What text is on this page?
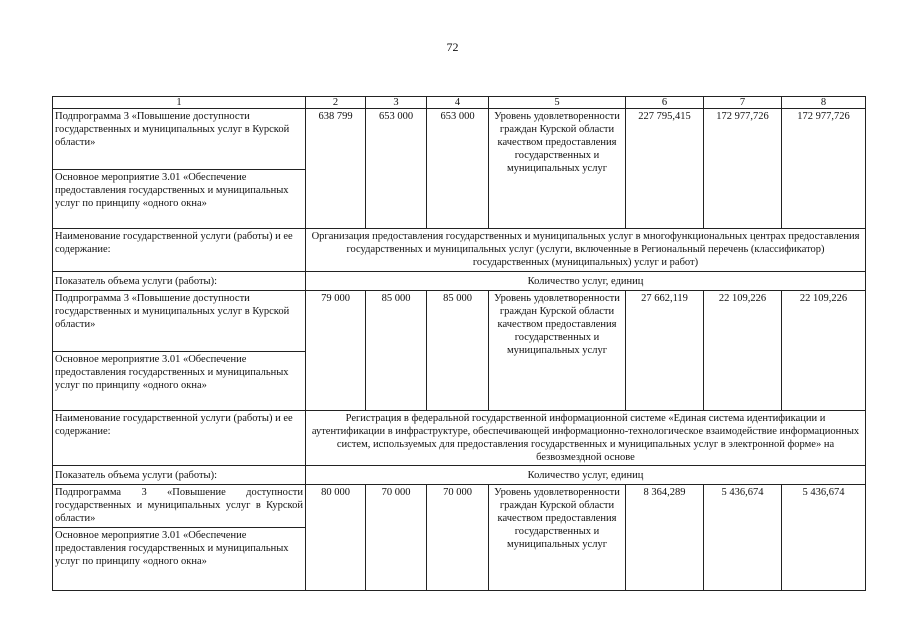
72
1	2	3	4	5	6	7	8
Подпрограмма 3 «Повышение доступности государственных и муниципальных услуг в Курской области»	638 799	653 000	653 000	Уровень удовлетворенности граждан Курской области качеством предоставления государственных и муниципальных услуг	227 795,415	172 977,726	172 977,726
Основное мероприятие 3.01 «Обеспечение предоставления государственных и муниципальных услуг по принципу «одного окна»							
Наименование государственной услуги (работы) и ее содержание:	Организация предоставления государственных и муниципальных услуг в многофункциональных центрах предоставления государственных и муниципальных услуг (услуги, включенные в Региональный перечень (классификатор) государственных (муниципальных) услуг и работ)						
Показатель объема услуги (работы):	Количество услуг, единиц						
Подпрограмма 3 «Повышение доступности государственных и муниципальных услуг в Курской области»	79 000	85 000	85 000	Уровень удовлетворенности граждан Курской области качеством предоставления государственных и муниципальных услуг	27 662,119	22 109,226	22 109,226
Основное мероприятие 3.01 «Обеспечение предоставления государственных и муниципальных услуг по принципу «одного окна»							
Наименование государственной услуги (работы) и ее содержание:	Регистрация в федеральной государственной информационной системе «Единая система идентификации и аутентификации в инфраструктуре, обеспечивающей информационно-технологическое взаимодействие информационных систем, используемых для предоставления государственных и муниципальных услуг в электронной форме» на безвозмездной основе						
Показатель объема услуги (работы):	Количество услуг, единиц						
Подпрограмма 3 «Повышение доступности государственных и муниципальных услуг в Курской области»	80 000	70 000	70 000	Уровень удовлетворенности граждан Курской области качеством предоставления государственных и муниципальных услуг	8 364,289	5 436,674	5 436,674
Основное мероприятие 3.01 «Обеспечение предоставления государственных и муниципальных услуг по принципу «одного окна»							
